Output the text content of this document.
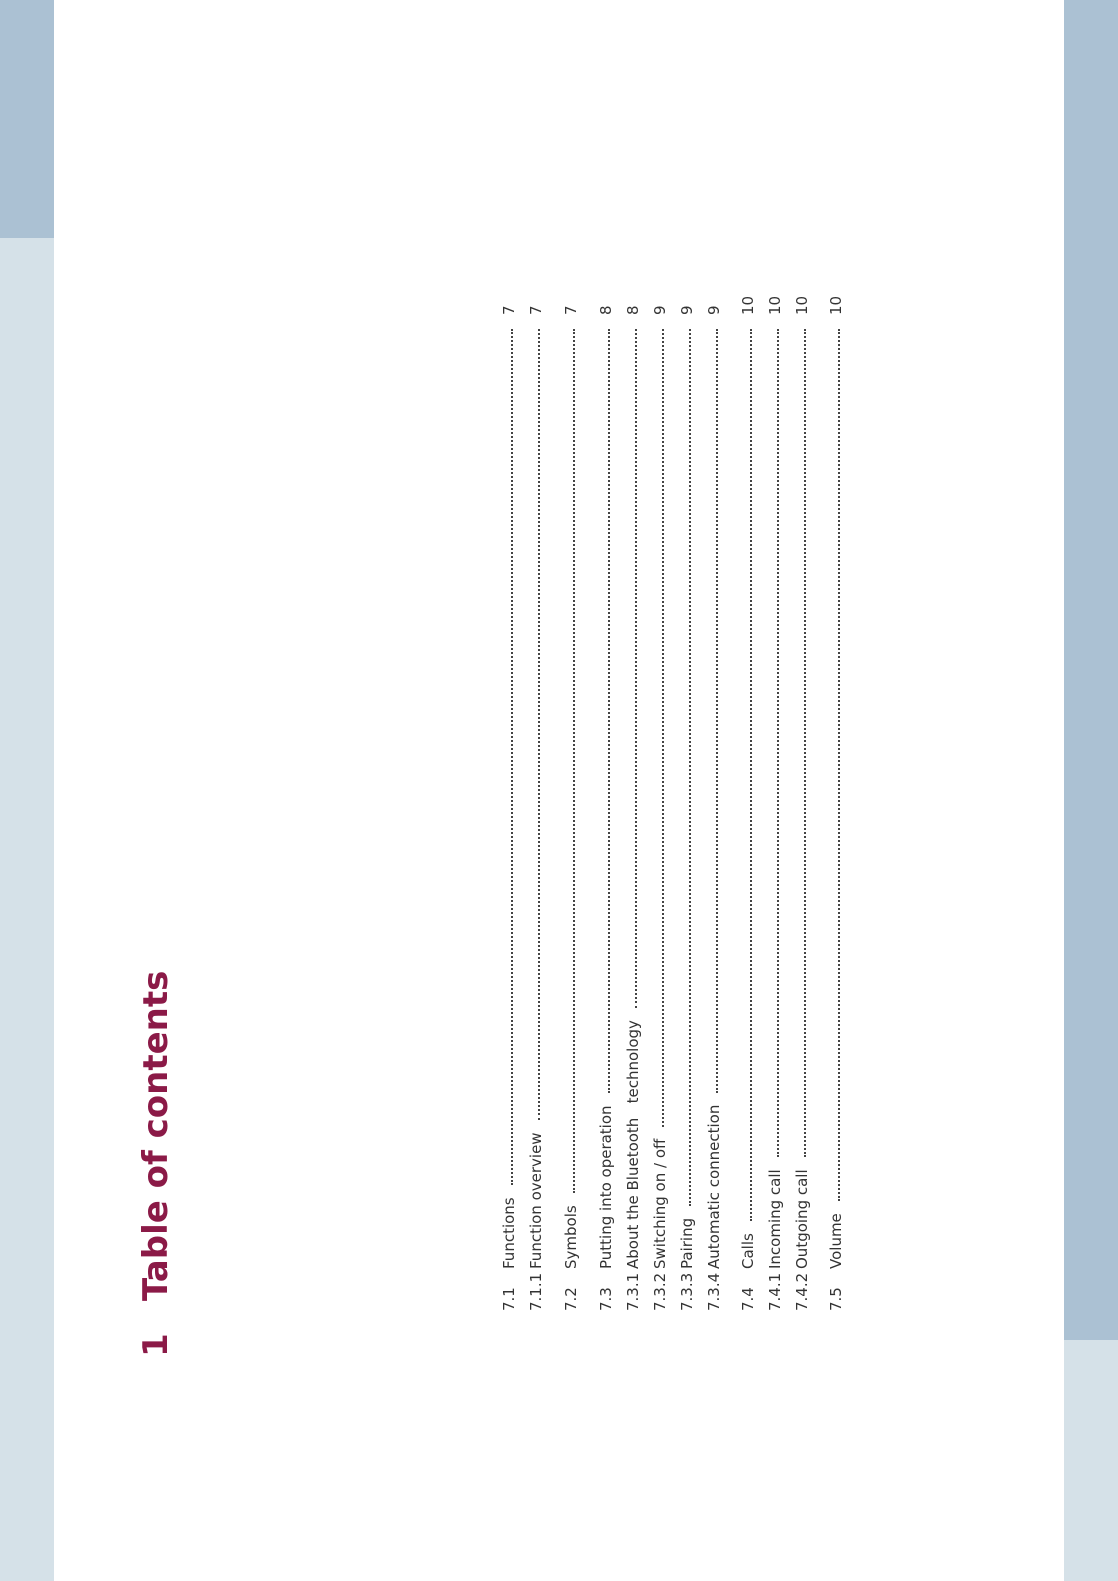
1Table of contents	7.1
Functions
7
7.1.1
Function overview
7
7.2
Symbols
7
7.3
Putting into operation
8
7.3.1
About the Bluetooth   technology
8
7.3.2
Switching on / off
9
7.3.3
Pairing
9
7.3.4
Automatic connection
9
7.4
Calls
10
7.4.1
Incoming call
10
7.4.2
Outgoing call
10
7.5
Volume
10
